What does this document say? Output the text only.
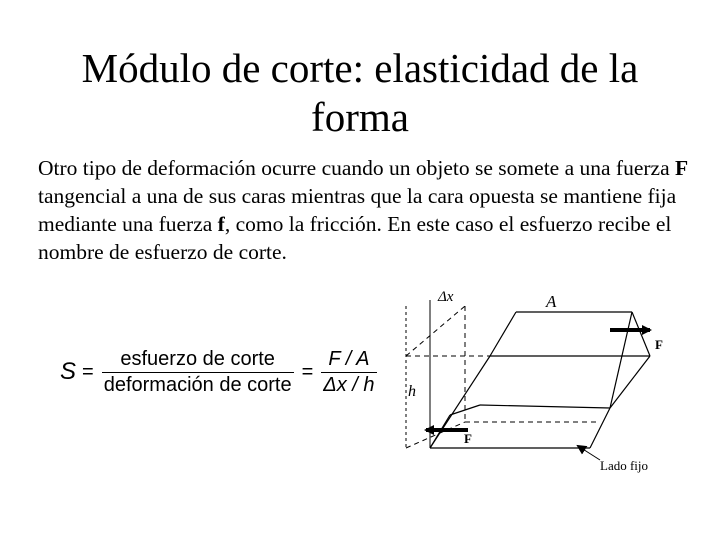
Módulo de corte: elasticidad de la forma
Otro tipo de deformación ocurre cuando un objeto se somete a una fuerza F tangencial a una de sus caras mientras que la cara opuesta se mantiene fija mediante una fuerza f, como la fricción. En este caso el esfuerzo recibe el nombre de esfuerzo de corte.
$S = \frac{\text{esfuerzo de corte}}{\text{deformación de corte}} = \frac{F / A}{\Delta x / h}$
Δx	A
F
h
F
Lado fijo
